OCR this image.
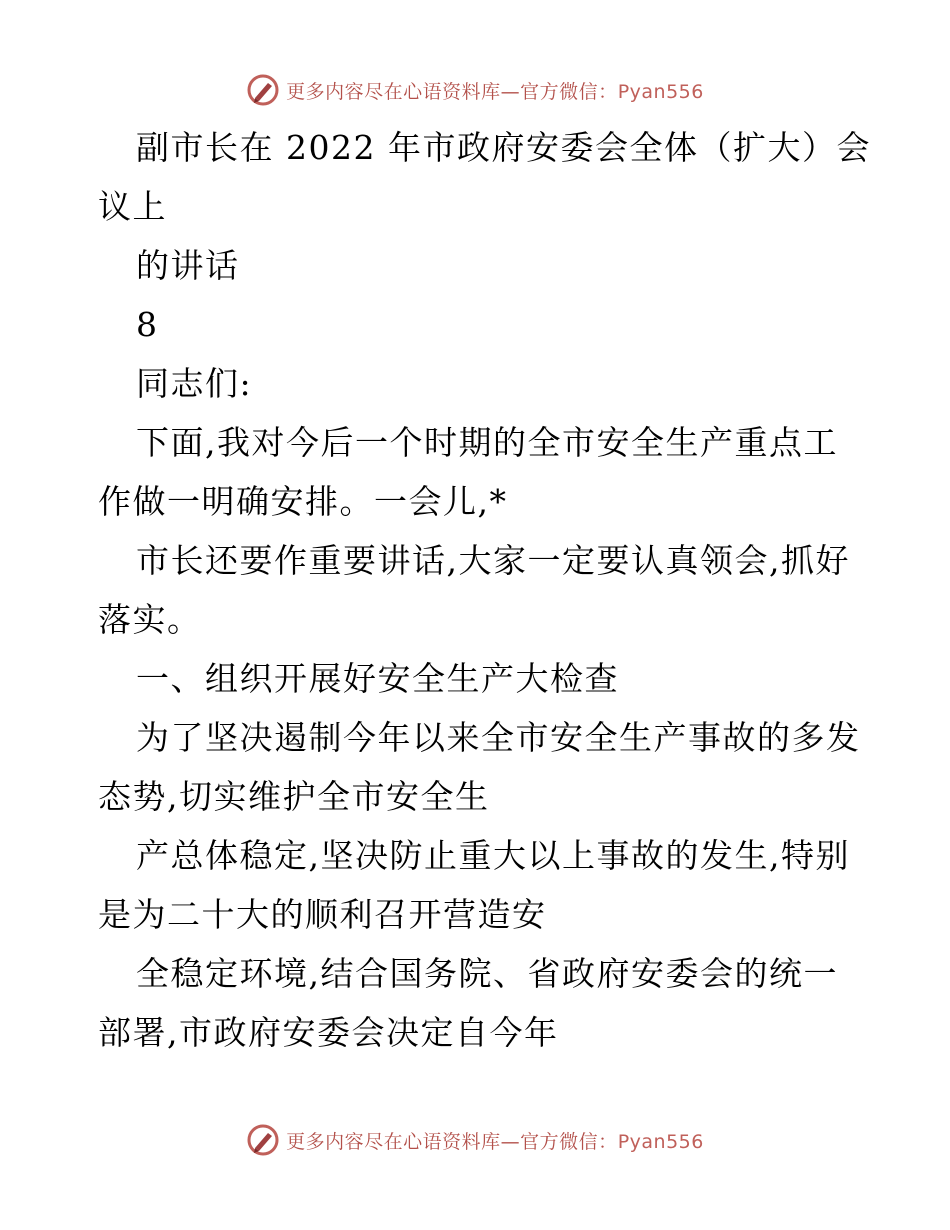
更多内容尽在心语资料库—官方微信：Pyan556
副市长在 2022 年市政府安委会全体（扩大）会
议上
的讲话
8
同志们:
下面,我对今后一个时期的全市安全生产重点工
作做一明确安排。一会儿,*
市长还要作重要讲话,大家一定要认真领会,抓好
落实。
一、组织开展好安全生产大检查
为了坚决遏制今年以来全市安全生产事故的多发
态势,切实维护全市安全生
产总体稳定,坚决防止重大以上事故的发生,特别
是为二十大的顺利召开营造安
全稳定环境,结合国务院、省政府安委会的统一
部署,市政府安委会决定自今年
更多内容尽在心语资料库—官方微信：Pyan556
